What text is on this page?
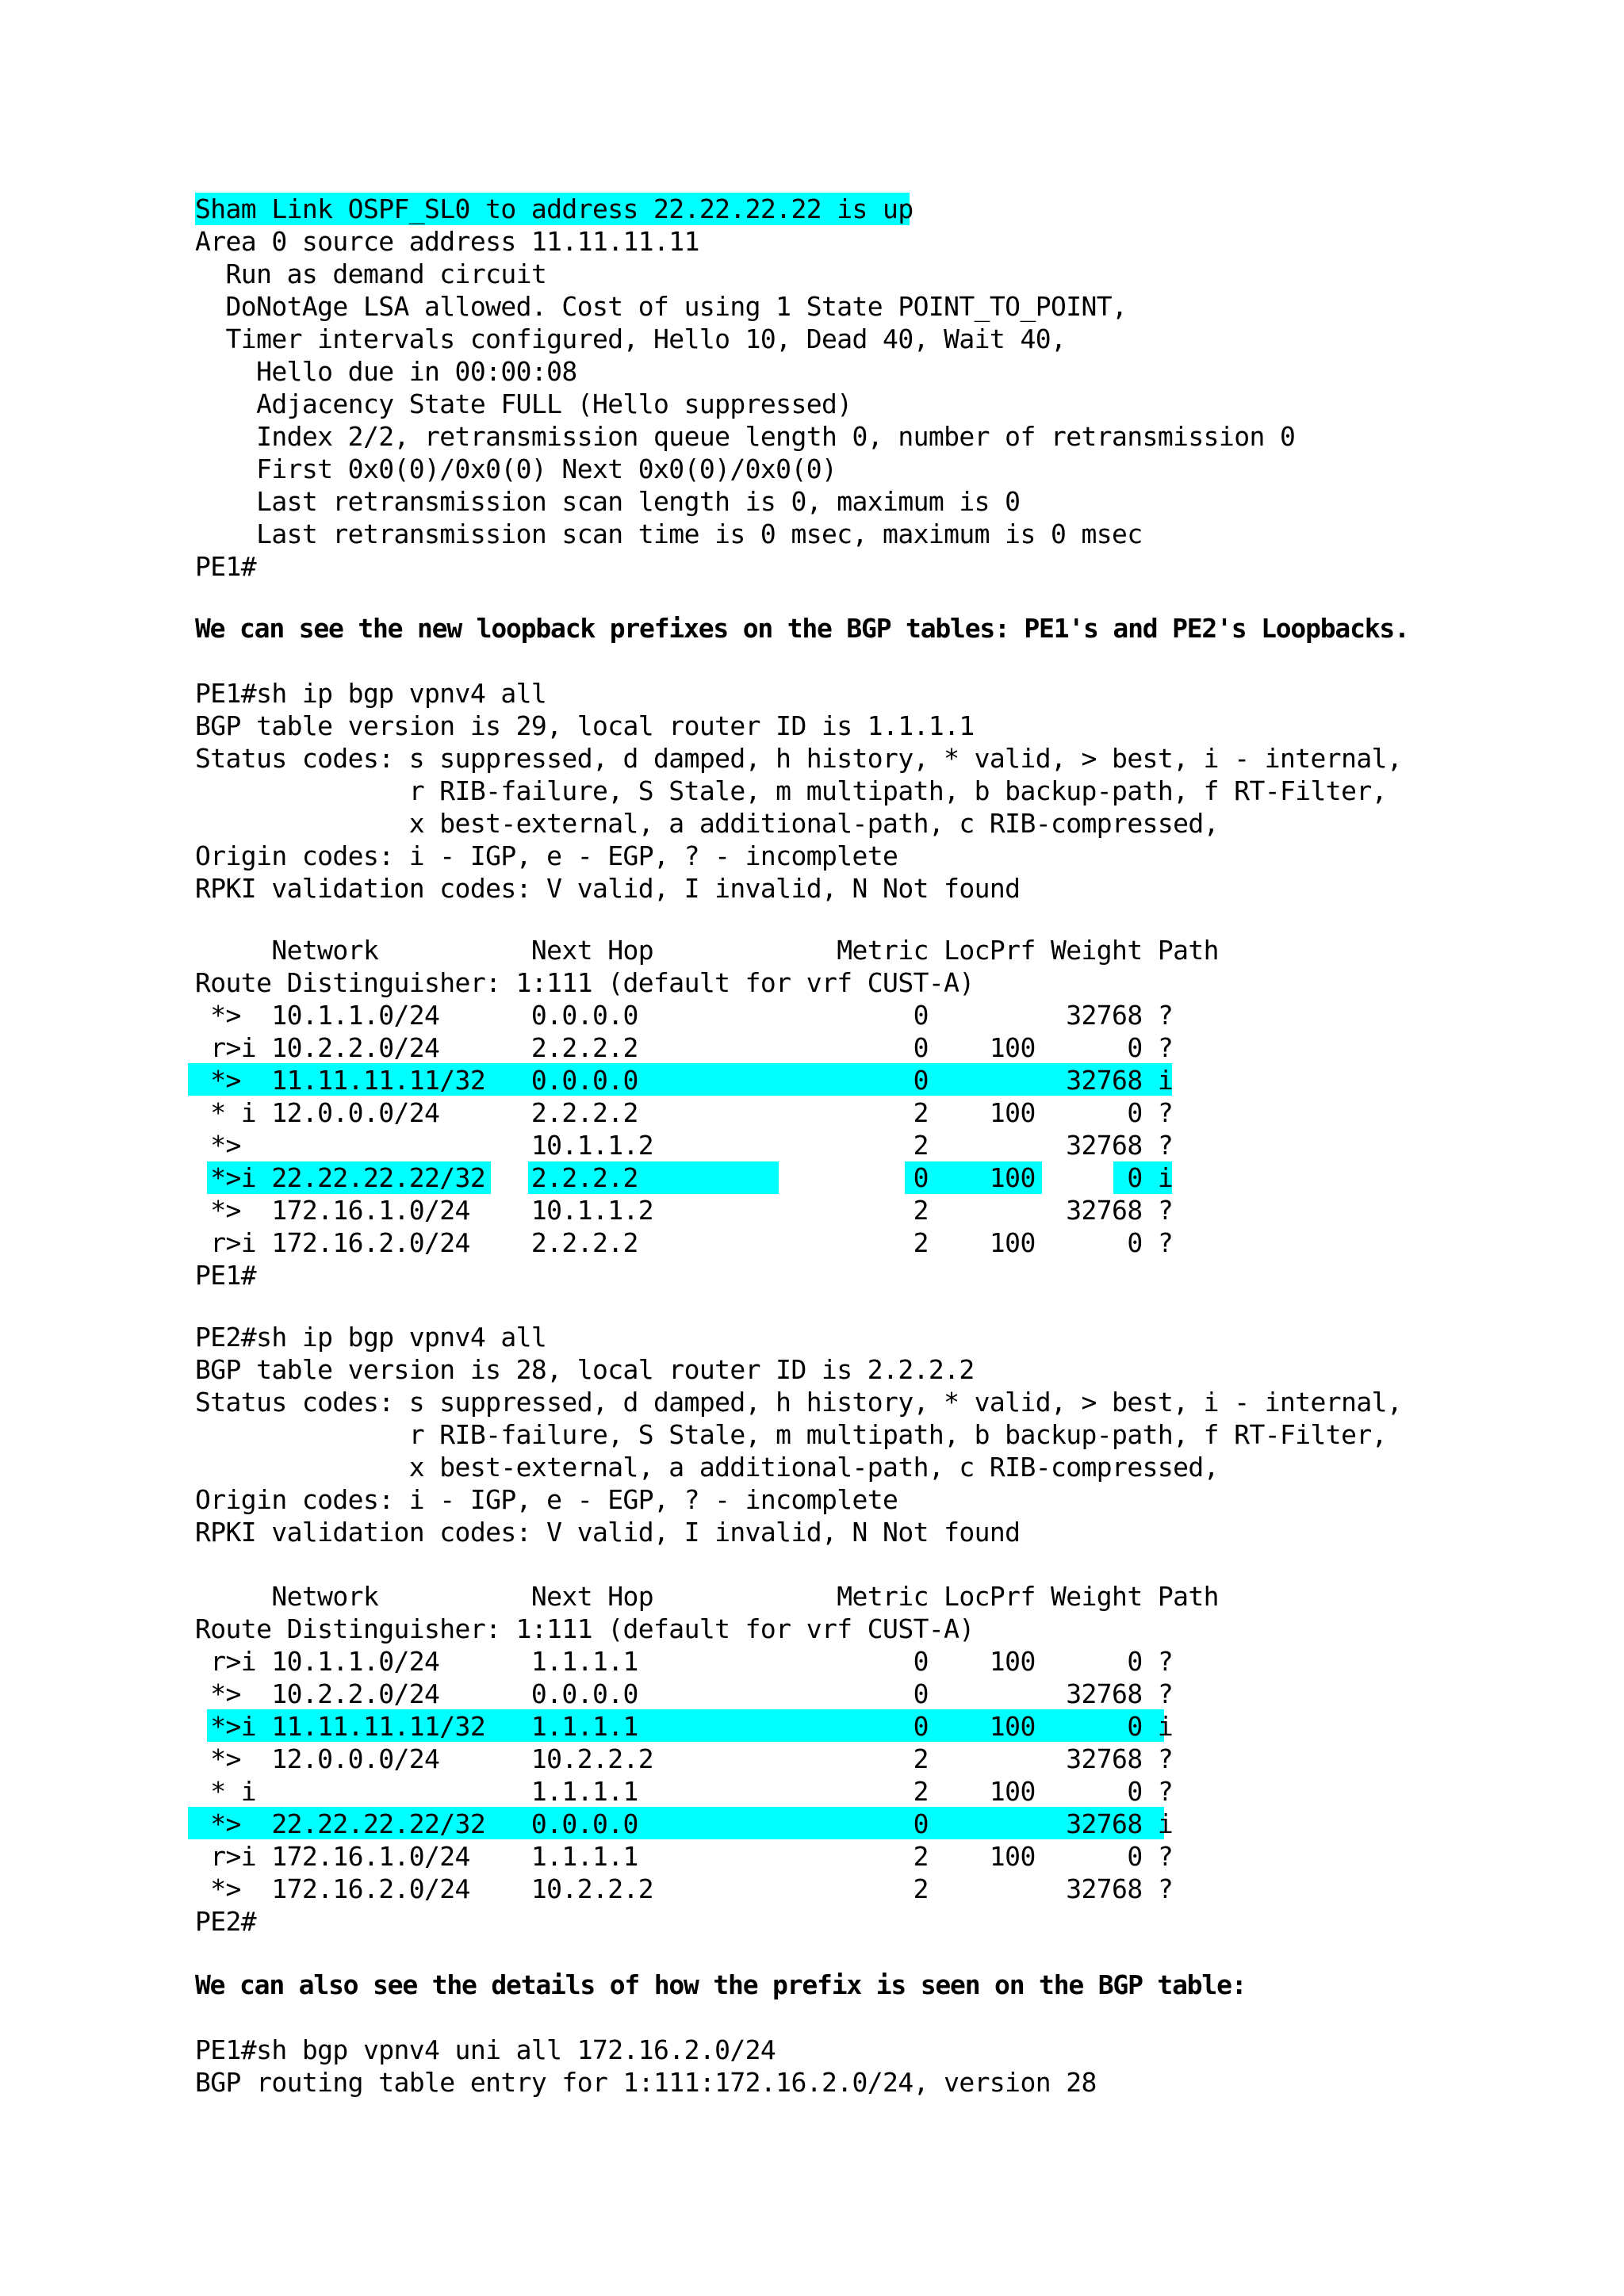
Sham Link OSPF_SL0 to address 22.22.22.22 is up
Area 0 source address 11.11.11.11
Run as demand circuit
DoNotAge LSA allowed. Cost of using 1 State POINT_TO_POINT,
Timer intervals configured, Hello 10, Dead 40, Wait 40,
Hello due in 00:00:08
Adjacency State FULL (Hello suppressed)
Index 2/2, retransmission queue length 0, number of retransmission 0
First 0x0(0)/0x0(0) Next 0x0(0)/0x0(0)
Last retransmission scan length is 0, maximum is 0
Last retransmission scan time is 0 msec, maximum is 0 msec
PE1#
We can see the new loopback prefixes on the BGP tables: PE1's and PE2's Loopbacks.
PE1#sh ip bgp vpnv4 all
BGP table version is 29, local router ID is 1.1.1.1
Status codes: s suppressed, d damped, h history, * valid, > best, i - internal,
r RIB-failure, S Stale, m multipath, b backup-path, f RT-Filter,
x best-external, a additional-path, c RIB-compressed,
Origin codes: i - IGP, e - EGP, ? - incomplete
RPKI validation codes: V valid, I invalid, N Not found
Network          Next Hop            Metric LocPrf Weight Path
Route Distinguisher: 1:111 (default for vrf CUST-A)
*>  10.1.1.0/24      0.0.0.0                  0         32768 ?
r>i 10.2.2.0/24      2.2.2.2                  0    100      0 ?
*>  11.11.11.11/32   0.0.0.0                  0         32768 i
* i 12.0.0.0/24      2.2.2.2                  2    100      0 ?
*>                   10.1.1.2                 2         32768 ?
*>i 22.22.22.22/32   2.2.2.2                  0    100      0 i
*>  172.16.1.0/24    10.1.1.2                 2         32768 ?
r>i 172.16.2.0/24    2.2.2.2                  2    100      0 ?
PE1#
PE2#sh ip bgp vpnv4 all
BGP table version is 28, local router ID is 2.2.2.2
Status codes: s suppressed, d damped, h history, * valid, > best, i - internal,
r RIB-failure, S Stale, m multipath, b backup-path, f RT-Filter,
x best-external, a additional-path, c RIB-compressed,
Origin codes: i - IGP, e - EGP, ? - incomplete
RPKI validation codes: V valid, I invalid, N Not found
Network          Next Hop            Metric LocPrf Weight Path
Route Distinguisher: 1:111 (default for vrf CUST-A)
r>i 10.1.1.0/24      1.1.1.1                  0    100      0 ?
*>  10.2.2.0/24      0.0.0.0                  0         32768 ?
*>i 11.11.11.11/32   1.1.1.1                  0    100      0 i
*>  12.0.0.0/24      10.2.2.2                 2         32768 ?
* i                  1.1.1.1                  2    100      0 ?
*>  22.22.22.22/32   0.0.0.0                  0         32768 i
r>i 172.16.1.0/24    1.1.1.1                  2    100      0 ?
*>  172.16.2.0/24    10.2.2.2                 2         32768 ?
PE2#
We can also see the details of how the prefix is seen on the BGP table:
PE1#sh bgp vpnv4 uni all 172.16.2.0/24
BGP routing table entry for 1:111:172.16.2.0/24, version 28
